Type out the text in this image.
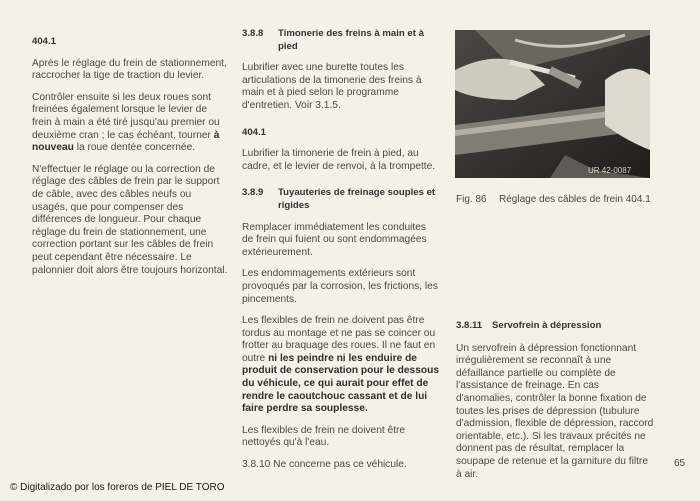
404.1

Après le réglage du frein de stationnement, raccrocher la tige de traction du levier.

Contrôler ensuite si les deux roues sont freinées également lorsque le levier de frein à main a été tiré jusqu'au premier ou deuxième cran ; le cas échéant, tourner à nouveau la roue dentée concernée.

N'effectuer le réglage ou la correction de réglage des câbles de frein par le support de câble, avec des câbles neufs ou usagés, que pour compenser des différences de longueur. Pour chaque réglage du frein de stationnement, une correction portant sur les câbles de frein peut cependant être nécessaire. Le palonnier doit alors être toujours horizontal.

3.8.8	Timonerie des freins à main et à pied

Lubrifier avec une burette toutes les articulations de la timonerie des freins à main et à pied selon le programme d'entretien. Voir 3.1.5.

404.1

Lubrifier la timonerie de frein à pied, au cadre, et le levier de renvoi, à la trompette.

3.8.9	Tuyauteries de freinage souples et rigides

Remplacer immédiatement les conduites de frein qui fuient ou sont endommagées extérieurement.

Les endommagements extérieurs sont provoqués par la corrosion, les frictions, les pincements.

Les flexibles de frein ne doivent pas être tordus au montage et ne pas se coincer ou frotter au braquage des roues. Il ne faut en outre ni les peindre ni les enduire de produit de conservation pour le dessous du véhicule, ce qui aurait pour effet de rendre le caoutchouc cassant et de lui faire perdre sa souplesse.

Les flexibles de frein ne doivent être nettoyés qu'à l'eau.

3.8.10 Ne concerne pas ce véhicule.

UR 42-0087
Fig. 86	Réglage des câbles de frein 404.1
3.8.11	Servofrein à dépression

Un servofrein à dépression fonctionnant irrégulièrement se reconnaît à une défaillance partielle ou complète de l'assistance de freinage. En cas d'anomalies, contrôler la bonne fixation de toutes les prises de dépression (tubulure d'admission, flexible de dépression, raccord orientable, etc.). Si les travaux précités ne donnent pas de résultat, remplacer la soupape de retenue et la garniture du filtre à air.

65
© Digitalizado por los foreros de PIEL DE TORO
